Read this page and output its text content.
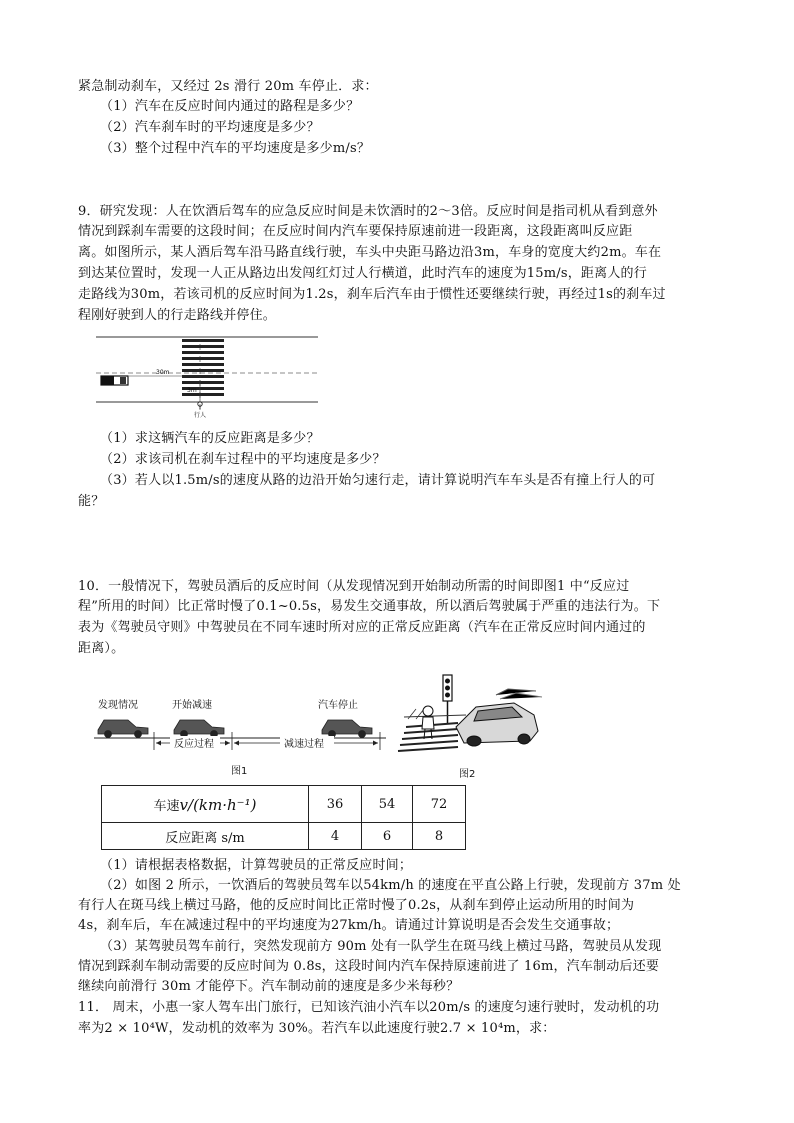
紧急制动刹车，又经过 2s 滑行 20m 车停止．求：
（1）汽车在反应时间内通过的路程是多少？
（2）汽车刹车时的平均速度是多少？
（3）整个过程中汽车的平均速度是多少m/s？
9．研究发现：人在饮酒后驾车的应急反应时间是未饮酒时的2～3倍。反应时间是指司机从看到意外
情况到踩刹车需要的这段时间；在反应时间内汽车要保持原速前进一段距离，这段距离叫反应距
离。如图所示，某人酒后驾车沿马路直线行驶，车头中央距马路边沿3m，车身的宽度大约2m。车在
到达某位置时，发现一人正从路边出发闯红灯过人行横道，此时汽车的速度为15m/s，距离人的行
走路线为30m，若该司机的反应时间为1.2s，刹车后汽车由于惯性还要继续行驶，再经过1s的刹车过
程刚好驶到人的行走路线并停住。
30m
3m
行人
（1）求这辆汽车的反应距离是多少？
（2）求该司机在刹车过程中的平均速度是多少？
（3）若人以1.5m/s的速度从路的边沿开始匀速行走，请计算说明汽车车头是否有撞上行人的可
能？
10．一般情况下，驾驶员酒后的反应时间（从发现情况到开始制动所需的时间即图1 中“反应过
程”所用的时间）比正常时慢了0.1~0.5s，易发生交通事故，所以酒后驾驶属于严重的违法行为。下
表为《驾驶员守则》中驾驶员在不同车速时所对应的正常反应距离（汽车在正常反应时间内通过的
距离）。
发现情况	开始减速	汽车停止
反应过程	减速过程
图1	图2
车速v/(km·h⁻¹)	36	54	72
反应距离 s/m	4	6	8
（1）请根据表格数据，计算驾驶员的正常反应时间；
（2）如图 2 所示，一饮酒后的驾驶员驾车以54km/h 的速度在平直公路上行驶，发现前方 37m 处
有行人在斑马线上横过马路，他的反应时间比正常时慢了0.2s，从刹车到停止运动所用的时间为
4s，刹车后，车在减速过程中的平均速度为27km/h。请通过计算说明是否会发生交通事故；
（3）某驾驶员驾车前行，突然发现前方 90m 处有一队学生在斑马线上横过马路，驾驶员从发现
情况到踩刹车制动需要的反应时间为 0.8s，这段时间内汽车保持原速前进了 16m，汽车制动后还要
继续向前滑行 30m 才能停下。汽车制动前的速度是多少米每秒？
11． 周末，小惠一家人驾车出门旅行，已知该汽油小汽车以20m/s 的速度匀速行驶时，发动机的功
率为2 × 10⁴W，发动机的效率为 30%。若汽车以此速度行驶2.7 × 10⁴m，求：
